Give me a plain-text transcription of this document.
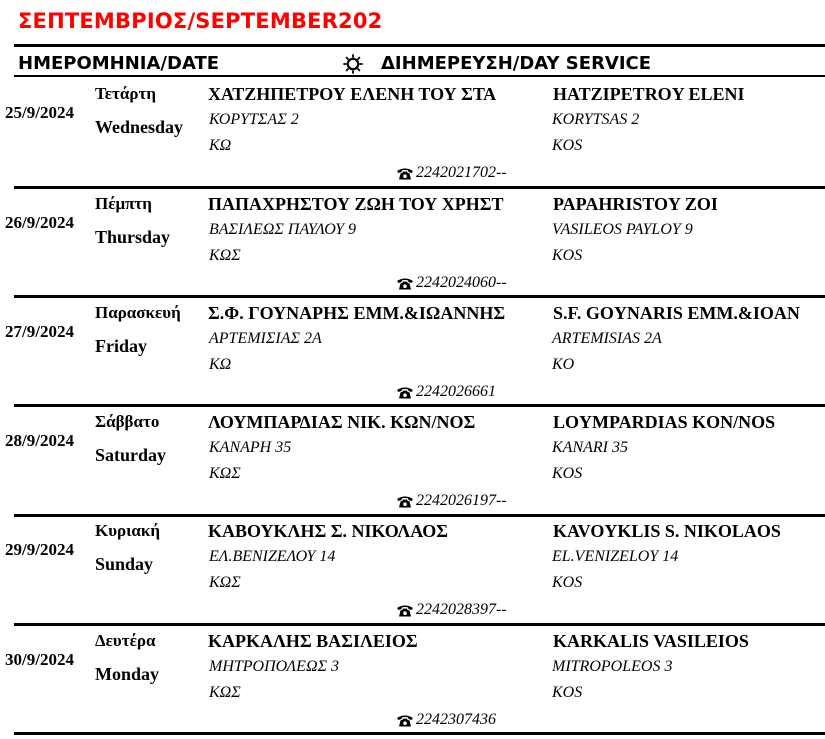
ΣΕΠΤΕΜΒΡΙΟΣ/SEPTEMBER202
ΗΜΕΡΟΜΗΝΙΑ/DATE	ΔΙΗΜΕΡΕΥΣΗ/DAY SERVICE
25/9/2024
Τετάρτη
Wednesday
ΧΑΤΖΗΠΕΤΡΟΥ ΕΛΕΝΗ ΤΟΥ ΣΤΑ	HATZIPETROY ELENI
ΚΟΡΥΤΣΑΣ 2	KORYTSAS 2
ΚΩ	KOS
2242021702--
26/9/2024
Πέμπτη
Thursday
ΠΑΠΑΧΡΗΣΤΟΥ ΖΩΗ ΤΟΥ ΧΡΗΣΤ	PAPAHRISTOY ZOI
ΒΑΣΙΛΕΩΣ ΠΑΥΛΟΥ 9	VASILEOS PAYLOY 9
ΚΩΣ	KOS
2242024060--
27/9/2024
Παρασκευή
Friday
Σ.Φ. ΓΟΥΝΑΡΗΣ ΕΜΜ.&ΙΩΑΝΝΗΣ	S.F. GOYNARIS EMM.&IOAN
ΑΡΤΕΜΙΣΙΑΣ 2Α	ARTEMISIAS 2A
ΚΩ	KO
2242026661
28/9/2024
Σάββατο
Saturday
ΛΟΥΜΠΑΡΔΙΑΣ ΝΙΚ. ΚΩΝ/ΝΟΣ	LOYMPARDIAS KON/NOS
ΚΑΝΑΡΗ 35	KANARI 35
ΚΩΣ	KOS
2242026197--
29/9/2024
Κυριακή
Sunday
ΚΑΒΟΥΚΛΗΣ Σ. ΝΙΚΟΛΑΟΣ	KAVOYKLIS S. NIKOLAOS
ΕΛ.ΒΕΝΙΖΕΛΟΥ 14	EL.VENIZELOY 14
ΚΩΣ	KOS
2242028397--
30/9/2024
Δευτέρα
Monday
ΚΑΡΚΑΛΗΣ ΒΑΣΙΛΕΙΟΣ	KARKALIS VASILEIOS
ΜΗΤΡΟΠΟΛΕΩΣ 3	MITROPOLEOS 3
ΚΩΣ	KOS
2242307436
